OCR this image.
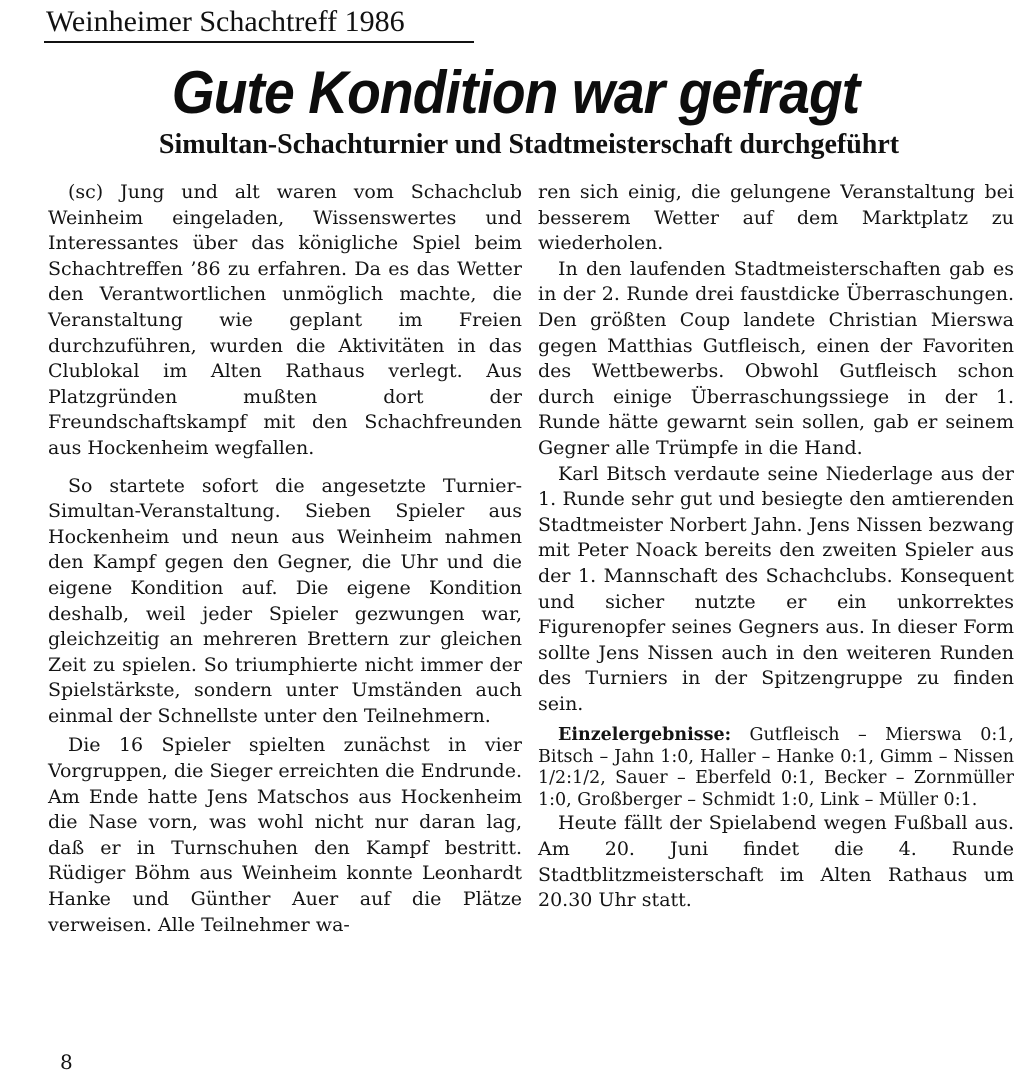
Weinheimer Schachtreff 1986
Gute Kondition war gefragt
Simultan-Schachturnier und Stadtmeisterschaft durchgeführt

(sc) Jung und alt waren vom Schachclub Weinheim eingeladen, Wissenswertes und Interessantes über das königliche Spiel beim Schachtreffen ’86 zu erfahren. Da es das Wetter den Verantwortlichen unmöglich machte, die Veranstaltung wie geplant im Freien durchzuführen, wurden die Aktivitäten in das Clublokal im Alten Rathaus verlegt. Aus Platzgründen mußten dort der Freundschaftskampf mit den Schachfreunden aus Hockenheim wegfallen.

So startete sofort die angesetzte Turnier-Simultan-Veranstaltung. Sieben Spieler aus Hockenheim und neun aus Weinheim nahmen den Kampf gegen den Gegner, die Uhr und die eigene Kondition auf. Die eigene Kondition deshalb, weil jeder Spieler gezwungen war, gleichzeitig an mehreren Brettern zur gleichen Zeit zu spielen. So triumphierte nicht immer der Spielstärkste, sondern unter Umständen auch einmal der Schnellste unter den Teilnehmern.

Die 16 Spieler spielten zunächst in vier Vorgruppen, die Sieger erreichten die Endrunde. Am Ende hatte Jens Matschos aus Hockenheim die Nase vorn, was wohl nicht nur daran lag, daß er in Turnschuhen den Kampf bestritt. Rüdiger Böhm aus Weinheim konnte Leonhardt Hanke und Günther Auer auf die Plätze verweisen. Alle Teilnehmer wa-

ren sich einig, die gelungene Veranstaltung bei besserem Wetter auf dem Marktplatz zu wiederholen.

In den laufenden Stadtmeisterschaften gab es in der 2. Runde drei faustdicke Überraschungen. Den größten Coup landete Christian Mierswa gegen Matthias Gutfleisch, einen der Favoriten des Wettbewerbs. Obwohl Gutfleisch schon durch einige Überraschungssiege in der 1. Runde hätte gewarnt sein sollen, gab er seinem Gegner alle Trümpfe in die Hand.

Karl Bitsch verdaute seine Niederlage aus der 1. Runde sehr gut und besiegte den amtierenden Stadtmeister Norbert Jahn. Jens Nissen bezwang mit Peter Noack bereits den zweiten Spieler aus der 1. Mannschaft des Schachclubs. Konsequent und sicher nutzte er ein unkorrektes Figurenopfer seines Gegners aus. In dieser Form sollte Jens Nissen auch in den weiteren Runden des Turniers in der Spitzengruppe zu finden sein.

Einzelergebnisse: Gutfleisch – Mierswa 0:1, Bitsch – Jahn 1:0, Haller – Hanke 0:1, Gimm – Nissen 1/2:1/2, Sauer – Eberfeld 0:1, Becker – Zornmüller 1:0, Großberger – Schmidt 1:0, Link – Müller 0:1.

Heute fällt der Spielabend wegen Fußball aus. Am 20. Juni findet die 4. Runde Stadtblitzmeisterschaft im Alten Rathaus um 20.30 Uhr statt.

8
